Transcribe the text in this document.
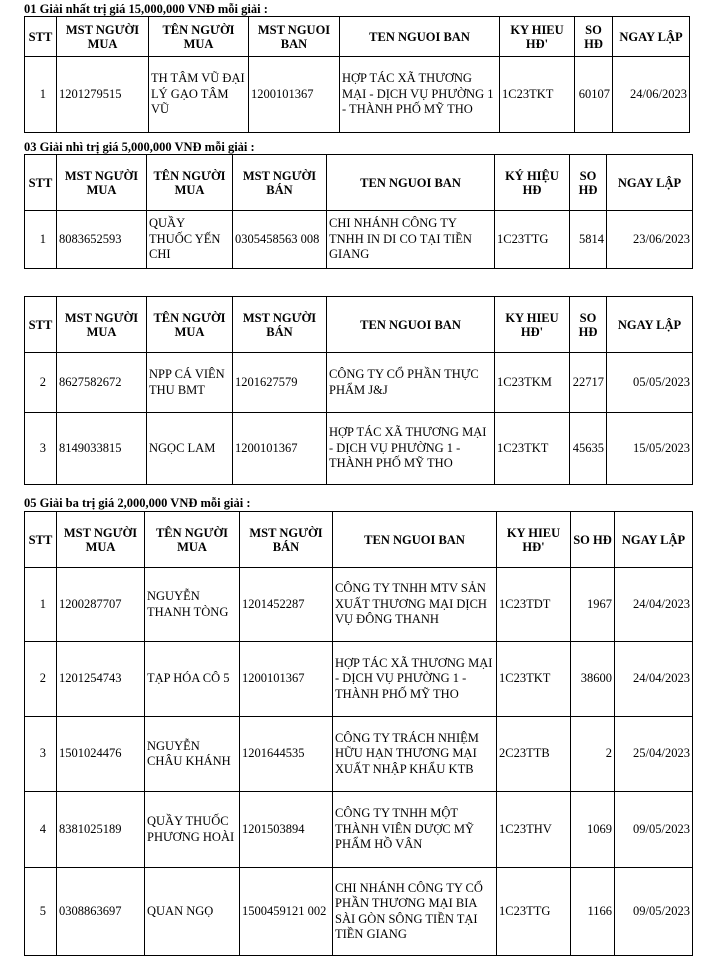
01 Giải nhất trị giá 15,000,000 VNĐ mỗi giải :
STT	MST NGƯỜI MUA	TÊN NGƯỜI MUA	MST NGUOI BAN	TEN NGUOI BAN	KY HIEU HĐ'	SO HĐ	NGAY LẬP
1	1201279515	TH TÂM VŨ ĐẠI LÝ GẠO TÂM VŨ	1200101367	HỢP TÁC XÃ THƯƠNG MẠI - DỊCH VỤ PHƯỜNG 1 - THÀNH PHỐ MỸ THO	1C23TKT	60107	24/06/2023
03 Giải nhì trị giá 5,000,000 VNĐ mỗi giải :
STT	MST NGƯỜI MUA	TÊN NGƯỜI MUA	MST NGƯỜI BÁN	TEN NGUOI BAN	KÝ HIỆU HĐ	SO HĐ	NGAY LẬP
1	8083652593	QUẦY THUỐC YẾN CHI	0305458563 008	CHI NHÁNH CÔNG TY TNHH IN DI CO TẠI TIỀN GIANG	1C23TTG	5814	23/06/2023
STT	MST NGƯỜI MUA	TÊN NGƯỜI MUA	MST NGƯỜI BÁN	TEN NGUOI BAN	KY HIEU HĐ'	SO HĐ	NGAY LẬP
2	8627582672	NPP CÁ VIÊN THU BMT	1201627579	CÔNG TY CỔ PHẦN THỰC PHẨM J&J	1C23TKM	22717	05/05/2023
3	8149033815	NGỌC LAM	1200101367	HỢP TÁC XÃ THƯƠNG MẠI - DỊCH VỤ PHƯỜNG 1 - THÀNH PHỐ MỸ THO	1C23TKT	45635	15/05/2023
05 Giải ba trị giá 2,000,000 VNĐ mỗi giải :
STT	MST NGƯỜI MUA	TÊN NGƯỜI MUA	MST NGƯỜI BÁN	TEN NGUOI BAN	KY HIEU HĐ'	SO HĐ	NGAY LẬP
1	1200287707	NGUYỄN THANH TÒNG	1201452287	CÔNG TY TNHH MTV SẢN XUẤT THƯƠNG MẠI DỊCH VỤ ĐÔNG THANH	1C23TDT	1967	24/04/2023
2	1201254743	TẠP HÓA CÔ 5	1200101367	HỢP TÁC XÃ THƯƠNG MẠI - DỊCH VỤ PHƯỜNG 1 - THÀNH PHỐ MỸ THO	1C23TKT	38600	24/04/2023
3	1501024476	NGUYỄN CHÂU KHÁNH	1201644535	CÔNG TY TRÁCH NHIỆM HỮU HẠN THƯƠNG MẠI XUẤT NHẬP KHẨU KTB	2C23TTB	2	25/04/2023
4	8381025189	QUẦY THUỐC PHƯƠNG HOÀI	1201503894	CÔNG TY TNHH MỘT THÀNH VIÊN DƯỢC MỸ PHẨM HỒ VÂN	1C23THV	1069	09/05/2023
5	0308863697	QUAN NGỌ	1500459121 002	CHI NHÁNH CÔNG TY CỔ PHẦN THƯƠNG MẠI BIA SÀI GÒN SÔNG TIỀN TẠI TIỀN GIANG	1C23TTG	1166	09/05/2023
